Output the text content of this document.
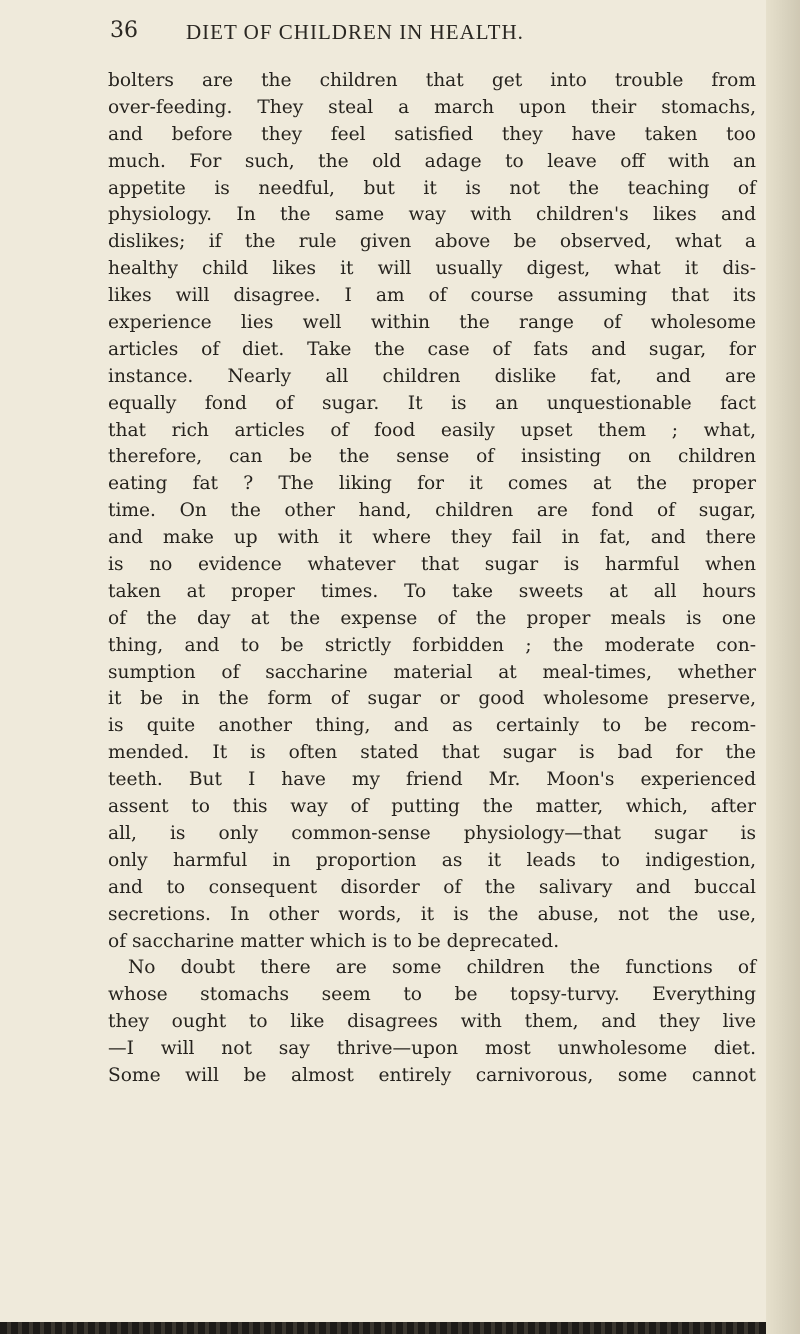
36 DIET OF CHILDREN IN HEALTH.
bolters are the children that get into trouble from
over-feeding. They steal a march upon their stomachs,
and before they feel satisfied they have taken too
much. For such, the old adage to leave off with an
appetite is needful, but it is not the teaching of
physiology. In the same way with children's likes and
dislikes; if the rule given above be observed, what a
healthy child likes it will usually digest, what it dis-
likes will disagree. I am of course assuming that its
experience lies well within the range of wholesome
articles of diet. Take the case of fats and sugar, for
instance. Nearly all children dislike fat, and are
equally fond of sugar. It is an unquestionable fact
that rich articles of food easily upset them ; what,
therefore, can be the sense of insisting on children
eating fat ? The liking for it comes at the proper
time. On the other hand, children are fond of sugar,
and make up with it where they fail in fat, and there
is no evidence whatever that sugar is harmful when
taken at proper times. To take sweets at all hours
of the day at the expense of the proper meals is one
thing, and to be strictly forbidden ; the moderate con-
sumption of saccharine material at meal-times, whether
it be in the form of sugar or good wholesome preserve,
is quite another thing, and as certainly to be recom-
mended. It is often stated that sugar is bad for the
teeth. But I have my friend Mr. Moon's experienced
assent to this way of putting the matter, which, after
all, is only common-sense physiology—that sugar is
only harmful in proportion as it leads to indigestion,
and to consequent disorder of the salivary and buccal
secretions. In other words, it is the abuse, not the use,
of saccharine matter which is to be deprecated.
No doubt there are some children the functions of
whose stomachs seem to be topsy-turvy. Everything
they ought to like disagrees with them, and they live
—I will not say thrive—upon most unwholesome diet.
Some will be almost entirely carnivorous, some cannot
